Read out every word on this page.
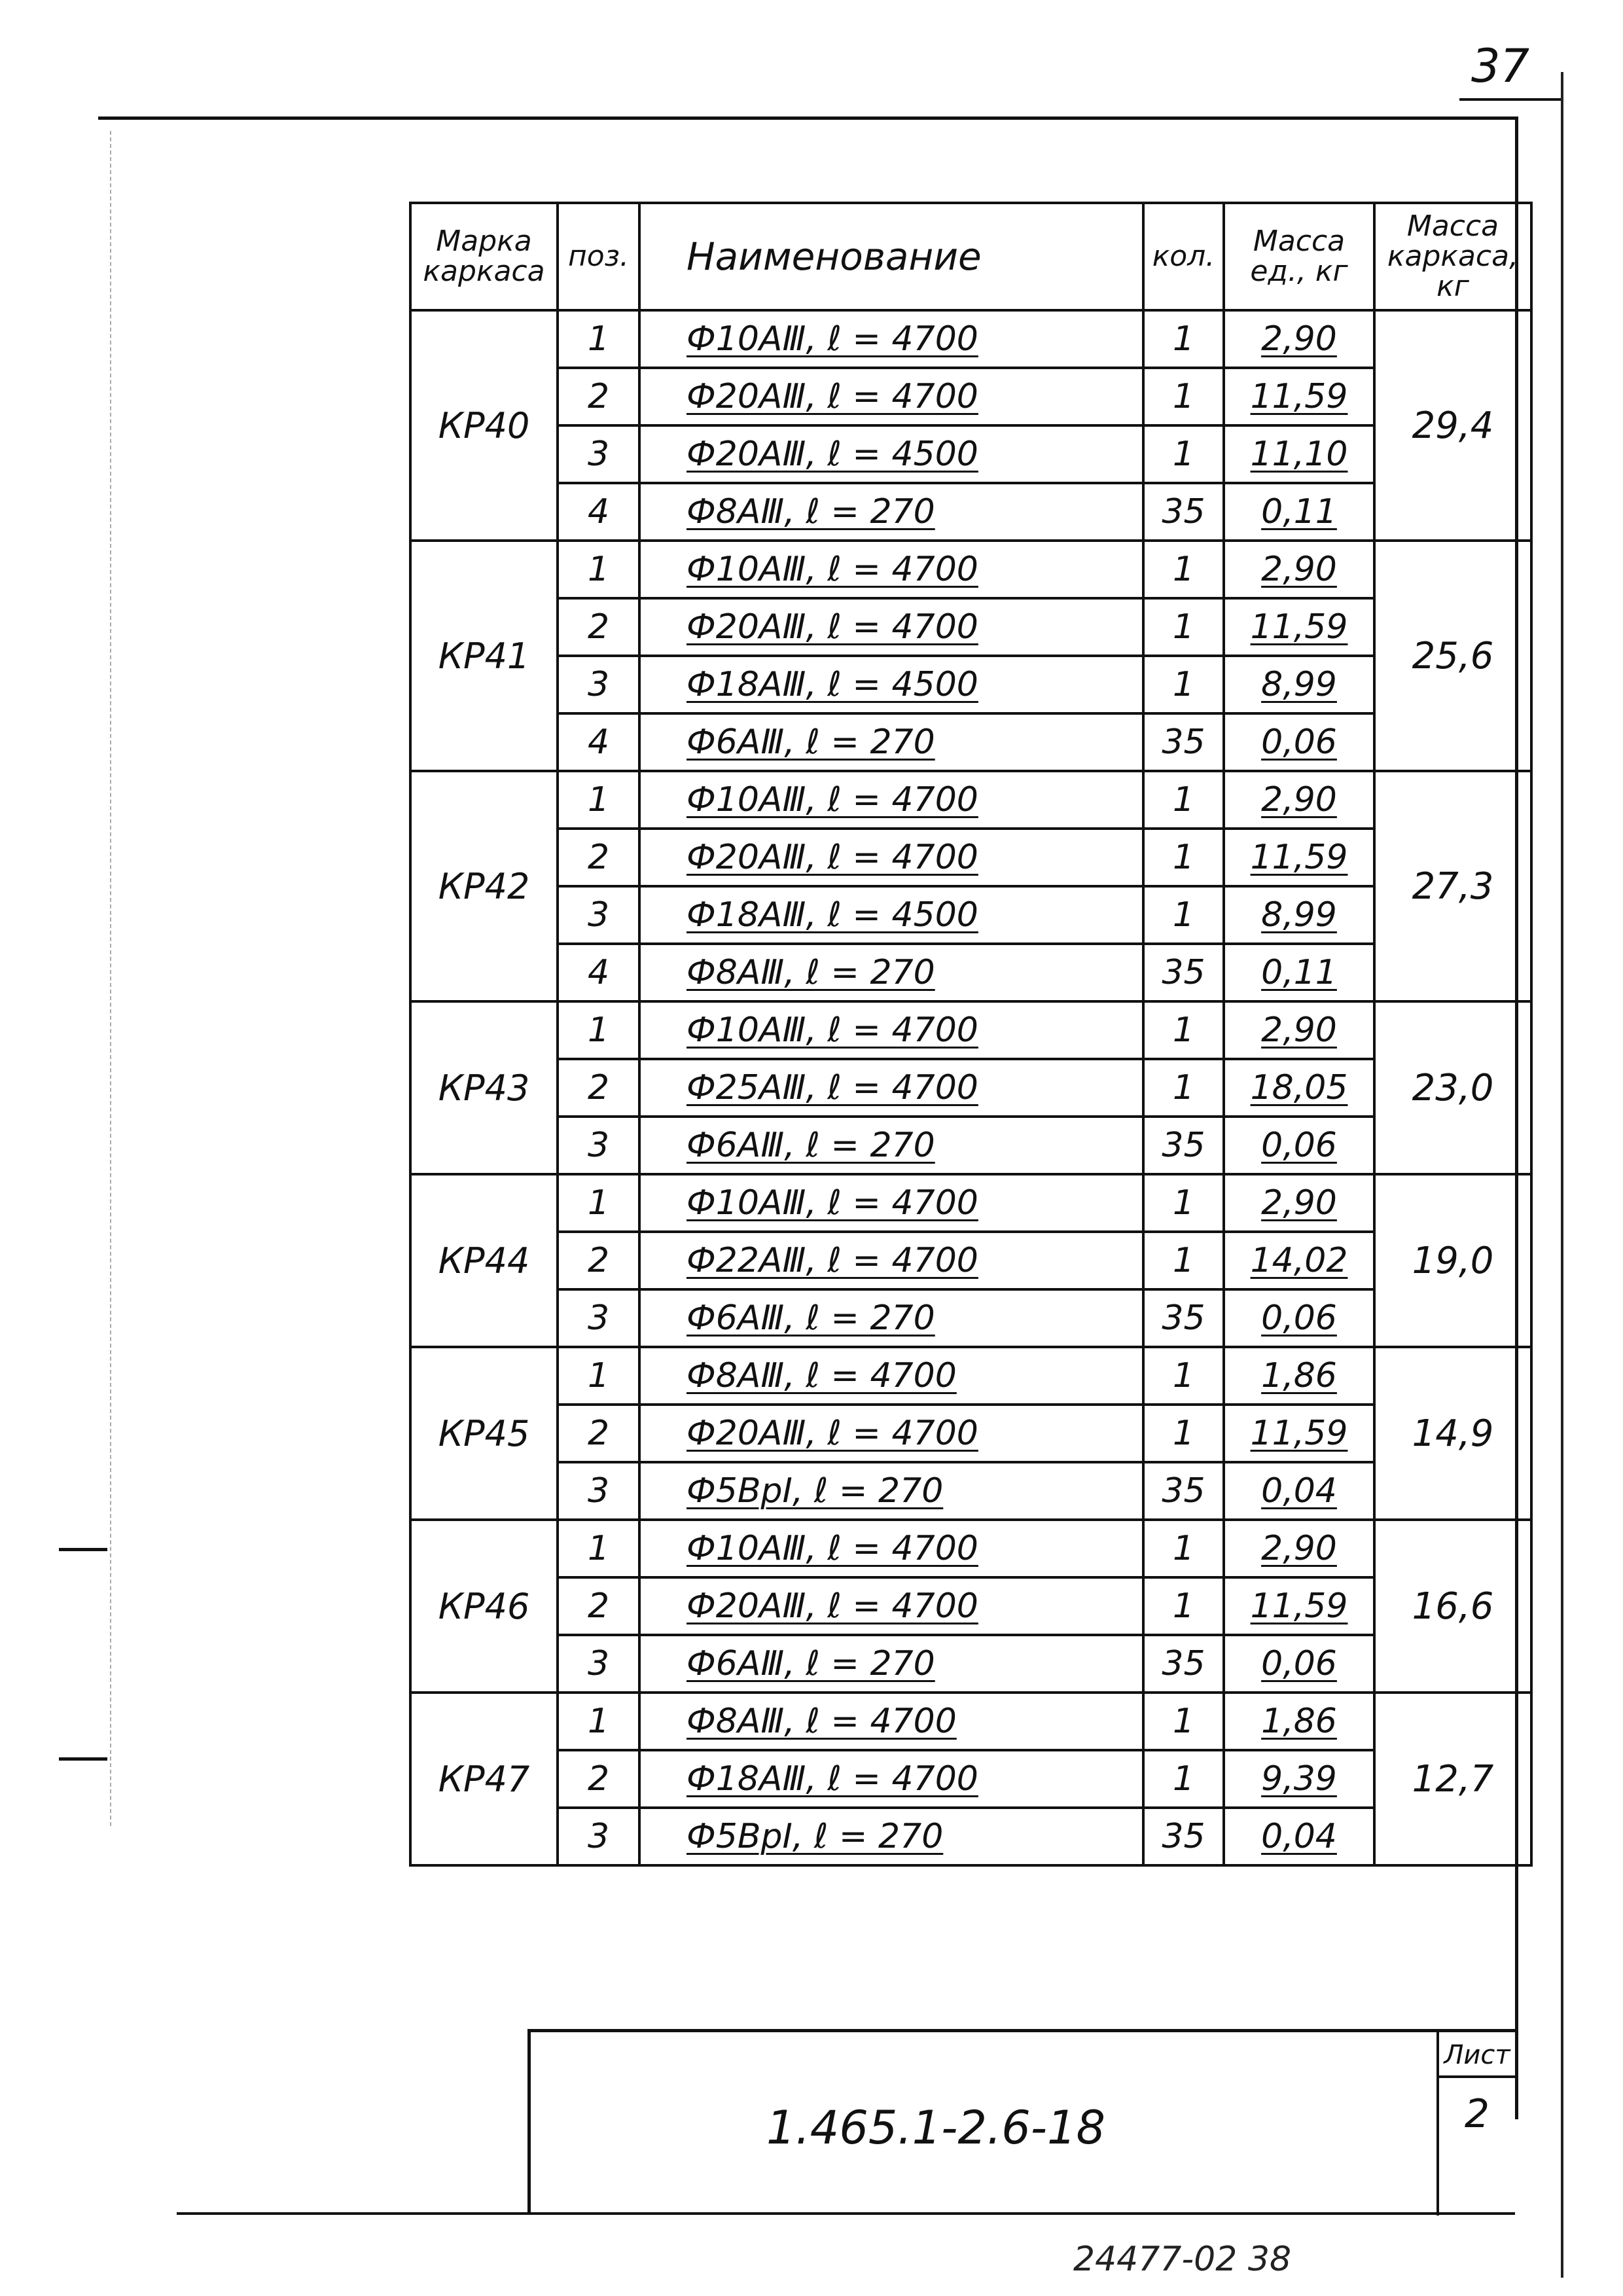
37
Марка каркаса	поз.	Наименование	кол.	Масса ед., кг	Масса каркаса, кг
КР40	1	Ф10АⅢ, ℓ = 4700	1	2,90	29,4
	2	Ф20АⅢ, ℓ = 4700	1	11,59	
	3	Ф20АⅢ, ℓ = 4500	1	11,10	
	4	Ф8АⅢ, ℓ = 270	35	0,11	
КР41	1	Ф10АⅢ, ℓ = 4700	1	2,90	25,6
	2	Ф20АⅢ, ℓ = 4700	1	11,59	
	3	Ф18АⅢ, ℓ = 4500	1	8,99	
	4	Ф6АⅢ, ℓ = 270	35	0,06	
КР42	1	Ф10АⅢ, ℓ = 4700	1	2,90	27,3
	2	Ф20АⅢ, ℓ = 4700	1	11,59	
	3	Ф18АⅢ, ℓ = 4500	1	8,99	
	4	Ф8АⅢ, ℓ = 270	35	0,11	
КР43	1	Ф10АⅢ, ℓ = 4700	1	2,90	23,0
	2	Ф25АⅢ, ℓ = 4700	1	18,05	
	3	Ф6АⅢ, ℓ = 270	35	0,06	
КР44	1	Ф10АⅢ, ℓ = 4700	1	2,90	19,0
	2	Ф22АⅢ, ℓ = 4700	1	14,02	
	3	Ф6АⅢ, ℓ = 270	35	0,06	
КР45	1	Ф8АⅢ, ℓ = 4700	1	1,86	14,9
	2	Ф20АⅢ, ℓ = 4700	1	11,59	
	3	Ф5ВрⅠ, ℓ = 270	35	0,04	
КР46	1	Ф10АⅢ, ℓ = 4700	1	2,90	16,6
	2	Ф20АⅢ, ℓ = 4700	1	11,59	
	3	Ф6АⅢ, ℓ = 270	35	0,06	
КР47	1	Ф8АⅢ, ℓ = 4700	1	1,86	12,7
	2	Ф18АⅢ, ℓ = 4700	1	9,39	
	3	Ф5ВрⅠ, ℓ = 270	35	0,04	
1.465.1-2.6-18
Лист
2
24477-02 38
